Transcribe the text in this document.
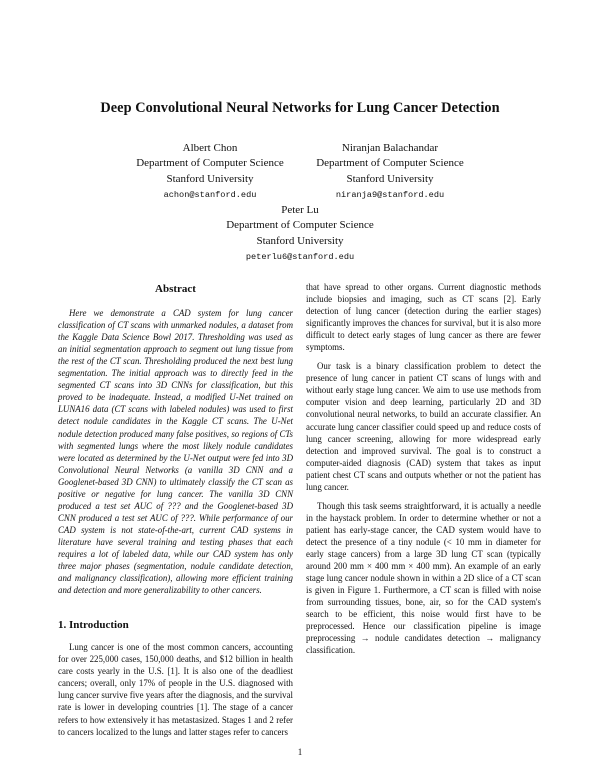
Deep Convolutional Neural Networks for Lung Cancer Detection
Albert Chon
Department of Computer Science
Stanford University
achon@stanford.edu
Niranjan Balachandar
Department of Computer Science
Stanford University
niranja9@stanford.edu
Peter Lu
Department of Computer Science
Stanford University
peterlu6@stanford.edu
Abstract

Here we demonstrate a CAD system for lung cancer classification of CT scans with unmarked nodules, a dataset from the Kaggle Data Science Bowl 2017. Thresholding was used as an initial segmentation approach to segment out lung tissue from the rest of the CT scan. Thresholding produced the next best lung segmentation. The initial approach was to directly feed in the segmented CT scans into 3D CNNs for classification, but this proved to be inadequate. Instead, a modified U-Net trained on LUNA16 data (CT scans with labeled nodules) was used to first detect nodule candidates in the Kaggle CT scans. The U-Net nodule detection produced many false positives, so regions of CTs with segmented lungs where the most likely nodule candidates were located as determined by the U-Net output were fed into 3D Convolutional Neural Networks (a vanilla 3D CNN and a Googlenet-based 3D CNN) to ultimately classify the CT scan as positive or negative for lung cancer. The vanilla 3D CNN produced a test set AUC of ??? and the Googlenet-based 3D CNN produced a test set AUC of ???. While performance of our CAD system is not state-of-the-art, current CAD systems in literature have several training and testing phases that each requires a lot of labeled data, while our CAD system has only three major phases (segmentation, nodule candidate detection, and malignancy classification), allowing more efficient training and detection and more generalizability to other cancers.

1. Introduction

Lung cancer is one of the most common cancers, accounting for over 225,000 cases, 150,000 deaths, and $12 billion in health care costs yearly in the U.S. [1]. It is also one of the deadliest cancers; overall, only 17% of people in the U.S. diagnosed with lung cancer survive five years after the diagnosis, and the survival rate is lower in developing countries [1]. The stage of a cancer refers to how extensively it has metastasized. Stages 1 and 2 refer to cancers localized to the lungs and latter stages refer to cancers

that have spread to other organs. Current diagnostic methods include biopsies and imaging, such as CT scans [2]. Early detection of lung cancer (detection during the earlier stages) significantly improves the chances for survival, but it is also more difficult to detect early stages of lung cancer as there are fewer symptoms.

Our task is a binary classification problem to detect the presence of lung cancer in patient CT scans of lungs with and without early stage lung cancer. We aim to use use methods from computer vision and deep learning, particularly 2D and 3D convolutional neural networks, to build an accurate classifier. An accurate lung cancer classifier could speed up and reduce costs of lung cancer screening, allowing for more widespread early detection and improved survival. The goal is to construct a computer-aided diagnosis (CAD) system that takes as input patient chest CT scans and outputs whether or not the patient has lung cancer.

Though this task seems straightforward, it is actually a needle in the haystack problem. In order to determine whether or not a patient has early-stage cancer, the CAD system would have to detect the presence of a tiny nodule (< 10 mm in diameter for early stage cancers) from a large 3D lung CT scan (typically around 200 mm × 400 mm × 400 mm). An example of an early stage lung cancer nodule shown in within a 2D slice of a CT scan is given in Figure 1. Furthermore, a CT scan is filled with noise from surrounding tissues, bone, air, so for the CAD system's search to be efficient, this noise would first have to be preprocessed. Hence our classification pipeline is image preprocessing → nodule candidates detection → malignancy classification.

1
